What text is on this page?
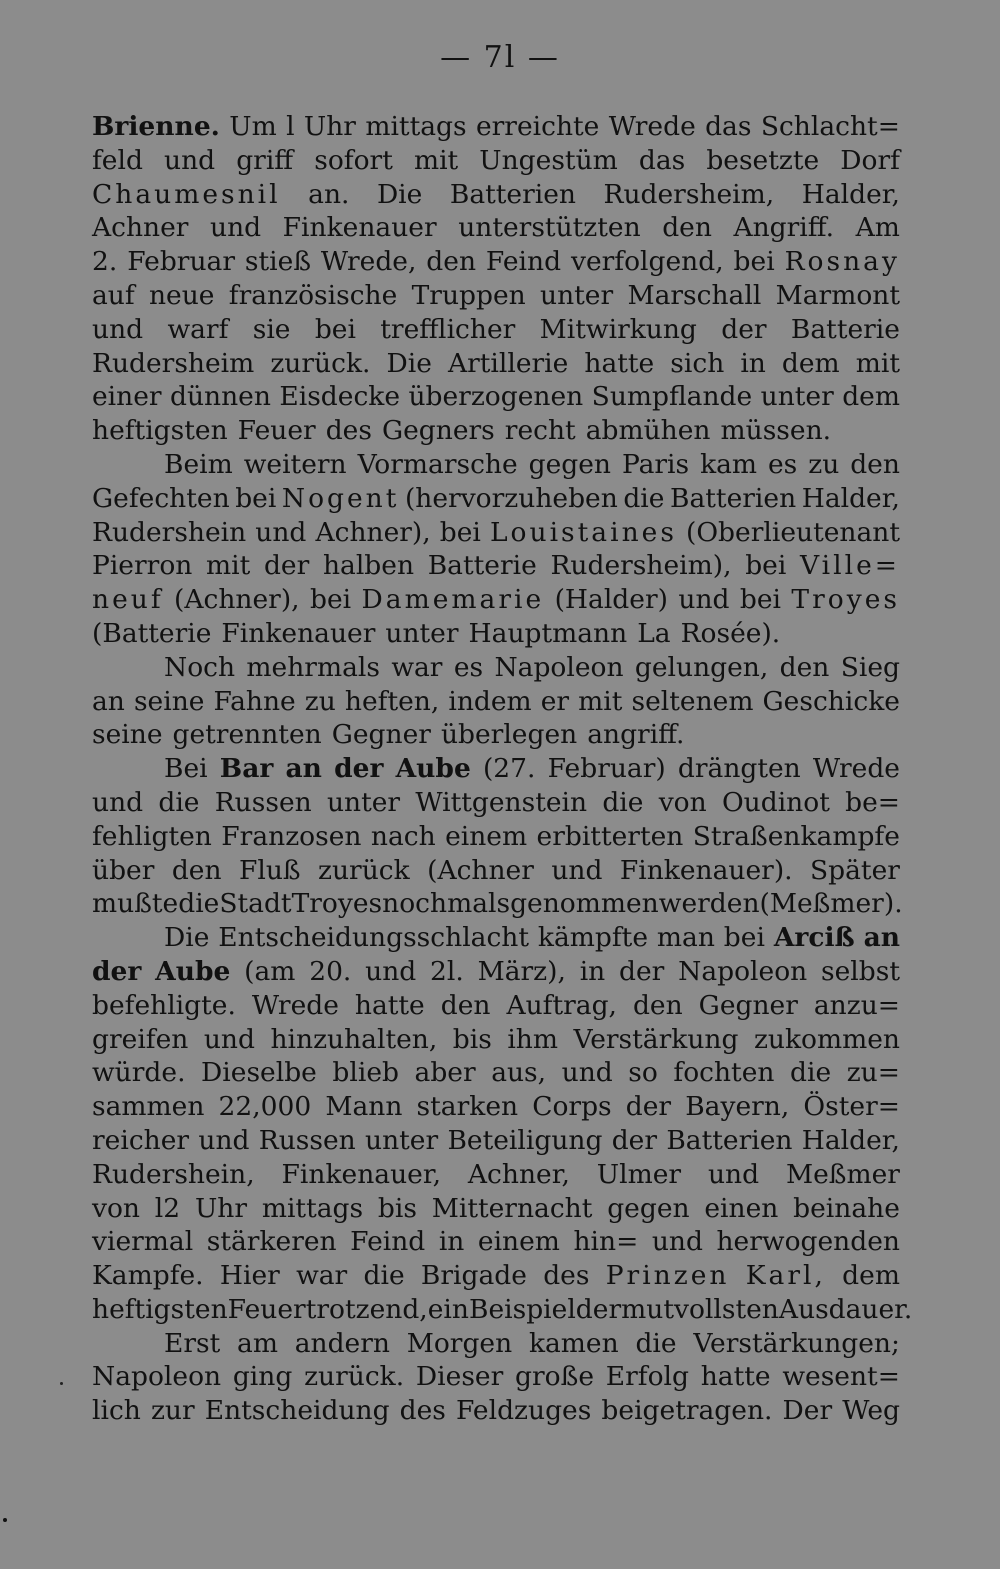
— 7l —
Brienne. Um l Uhr mittags erreichte Wrede das Schlacht=
feld und griff sofort mit Ungestüm das besetzte Dorf
Chaumesnil an. Die Batterien Rudersheim, Halder,
Achner und Finkenauer unterstützten den Angriff. Am
2. Februar stieß Wrede, den Feind verfolgend, bei Rosnay
auf neue französische Truppen unter Marschall Marmont
und warf sie bei trefflicher Mitwirkung der Batterie
Rudersheim zurück. Die Artillerie hatte sich in dem mit
einer dünnen Eisdecke überzogenen Sumpflande unter dem
heftigsten Feuer des Gegners recht abmühen müssen.
Beim weitern Vormarsche gegen Paris kam es zu den
Gefechten bei Nogent (hervorzuheben die Batterien Halder,
Rudershein und Achner), bei Louistaines (Oberlieutenant
Pierron mit der halben Batterie Rudersheim), bei Ville=
neuf (Achner), bei Damemarie (Halder) und bei Troyes
(Batterie Finkenauer unter Hauptmann La Rosée).
Noch mehrmals war es Napoleon gelungen, den Sieg
an seine Fahne zu heften, indem er mit seltenem Geschicke
seine getrennten Gegner überlegen angriff.
Bei Bar an der Aube (27. Februar) drängten Wrede
und die Russen unter Wittgenstein die von Oudinot be=
fehligten Franzosen nach einem erbitterten Straßenkampfe
über den Fluß zurück (Achner und Finkenauer). Später
mußte die Stadt Troyes nochmals genommen werden (Meßmer).
Die Entscheidungsschlacht kämpfte man bei Arciß an
der Aube (am 20. und 2l. März), in der Napoleon selbst
befehligte. Wrede hatte den Auftrag, den Gegner anzu=
greifen und hinzuhalten, bis ihm Verstärkung zukommen
würde. Dieselbe blieb aber aus, und so fochten die zu=
sammen 22,000 Mann starken Corps der Bayern, Öster=
reicher und Russen unter Beteiligung der Batterien Halder,
Rudershein, Finkenauer, Achner, Ulmer und Meßmer
von l2 Uhr mittags bis Mitternacht gegen einen beinahe
viermal stärkeren Feind in einem hin= und herwogenden
Kampfe. Hier war die Brigade des Prinzen Karl, dem
heftigsten Feuer trotzend, ein Beispiel der mutvollsten Ausdauer.
Erst am andern Morgen kamen die Verstärkungen;
Napoleon ging zurück. Dieser große Erfolg hatte wesent=
lich zur Entscheidung des Feldzuges beigetragen. Der Weg
